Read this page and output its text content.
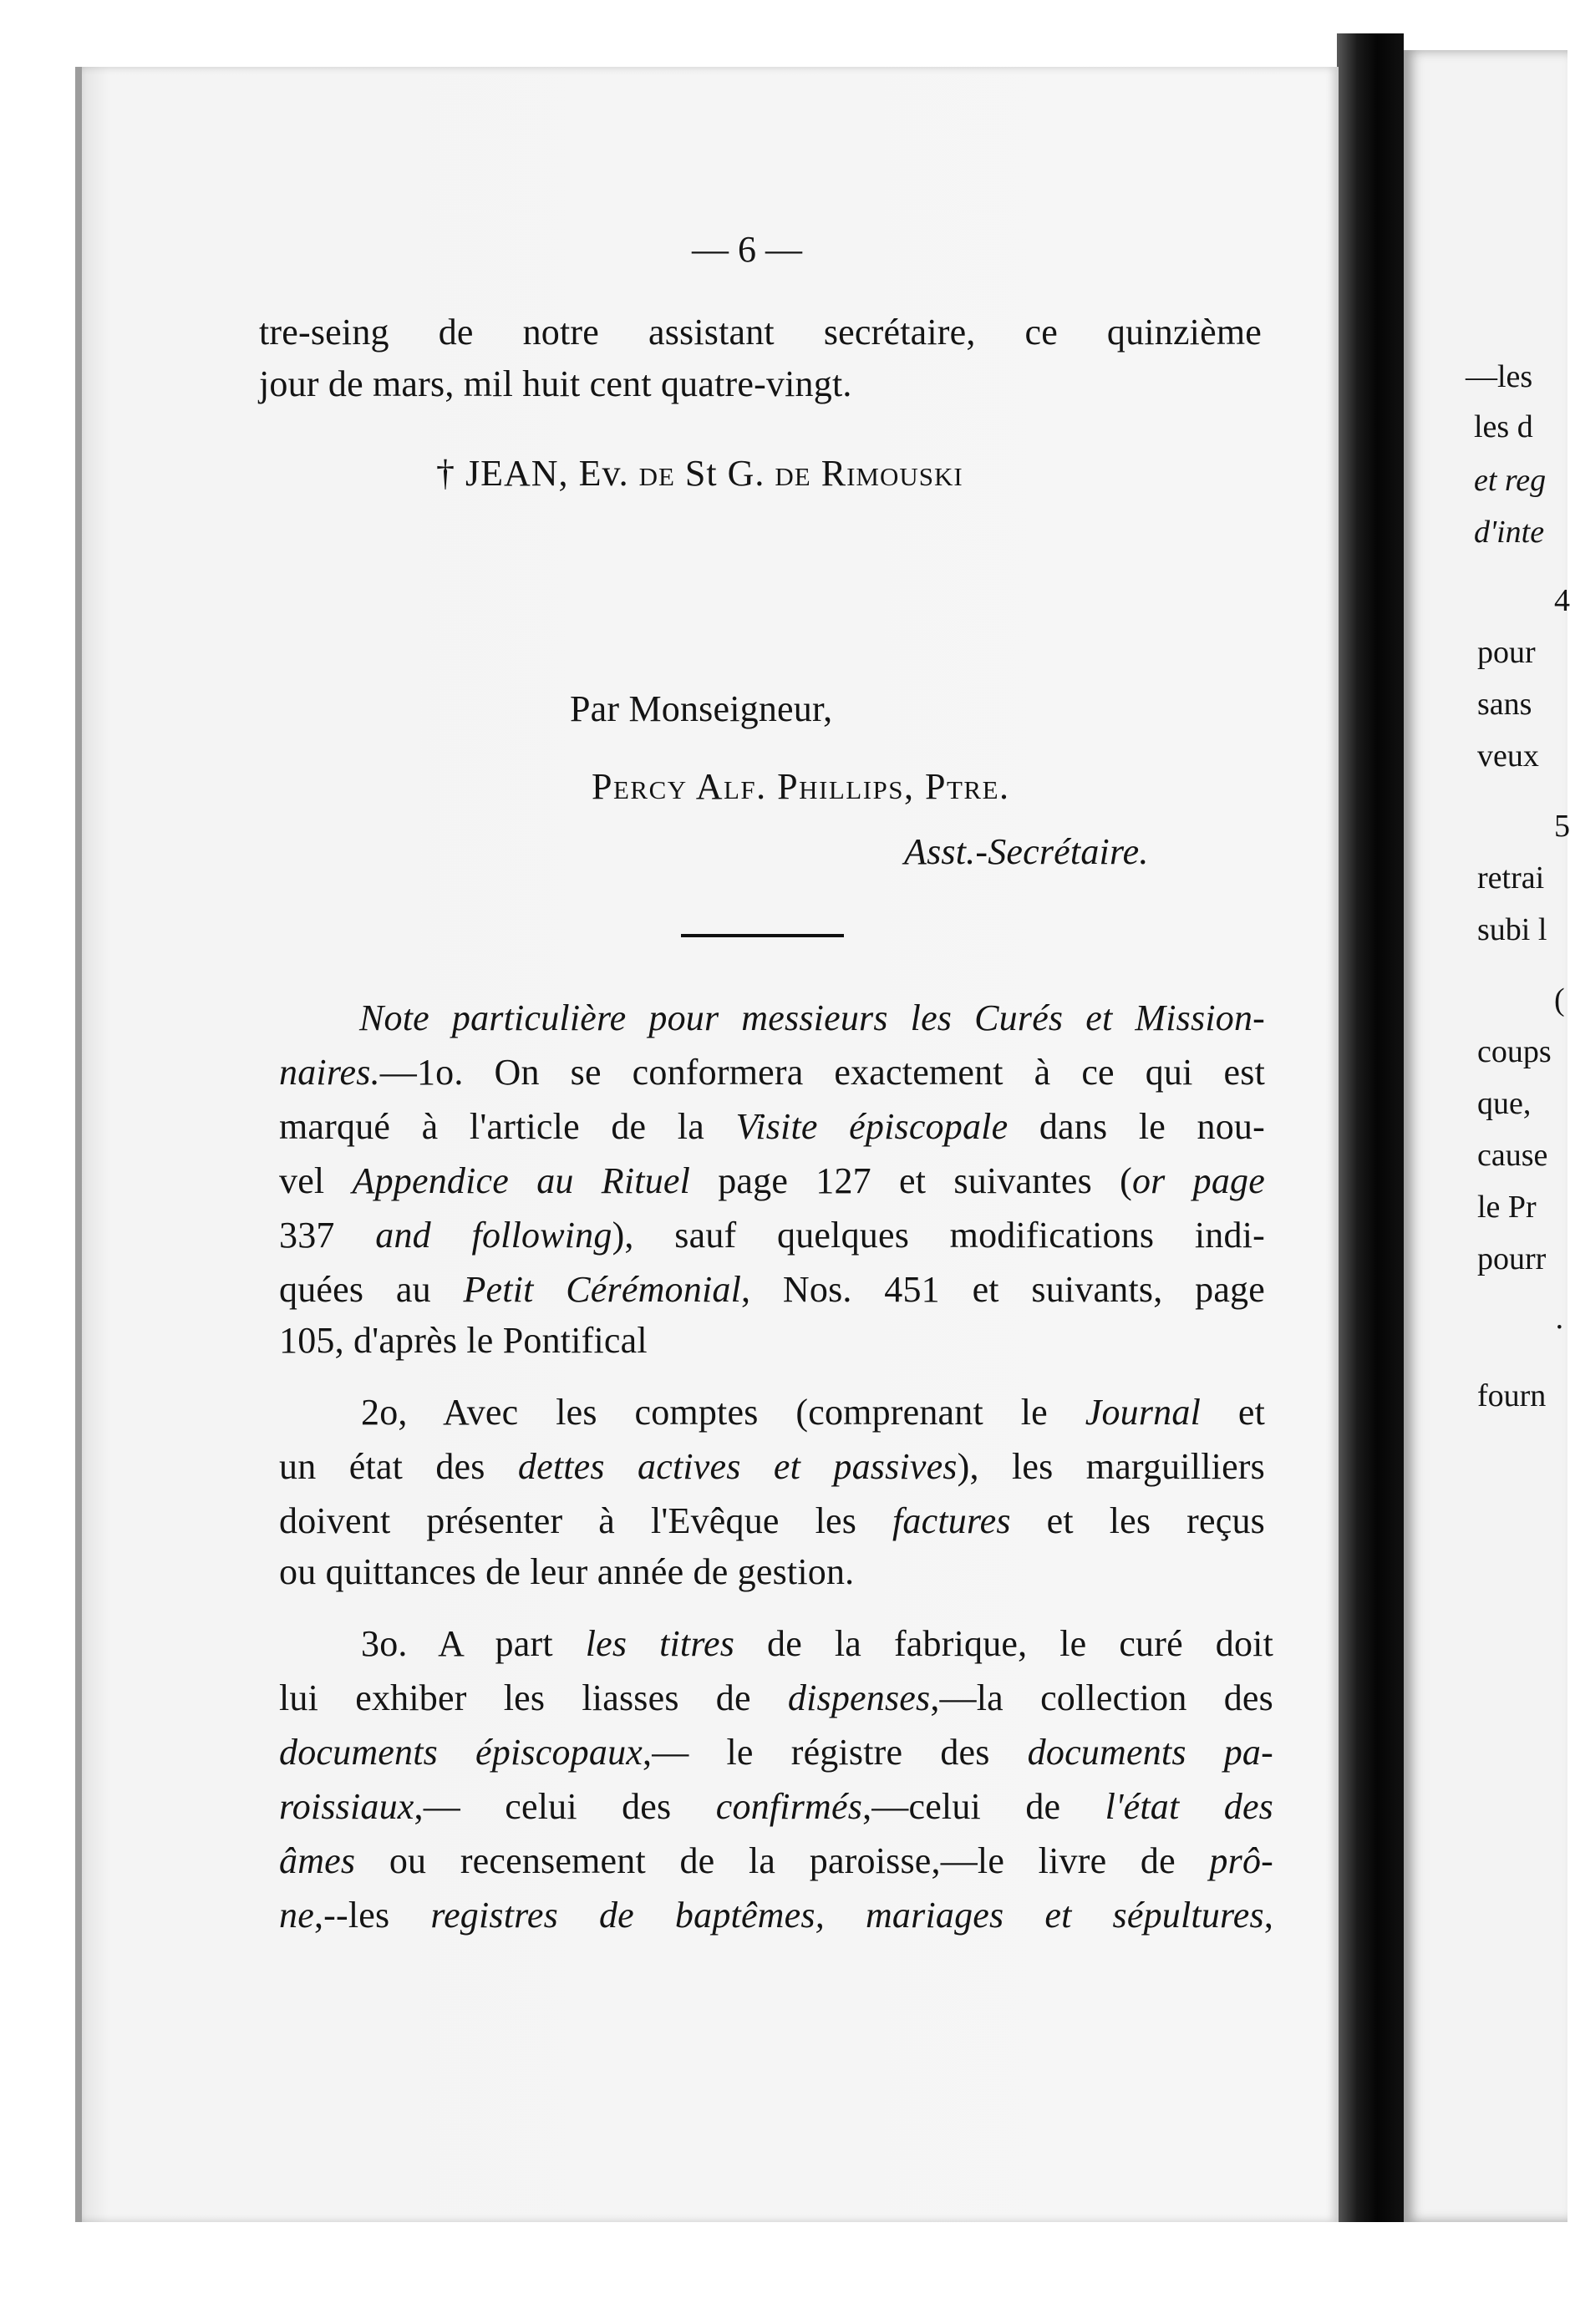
— 6 —
tre-seing de notre assistant secrétaire, ce quinzième
jour de mars, mil huit cent quatre-vingt.
† JEAN, Ev. de St G. de Rimouski
Par Monseigneur,
Percy Alf. Phillips, Ptre.
Asst.-Secrétaire.
Note particulière pour messieurs les Curés et Mission-
naires.—1o. On se conformera exactement à ce qui est
marqué à l'article de la Visite épiscopale dans le nou-
vel Appendice au Rituel page 127 et suivantes (or page
337 and following), sauf quelques modifications indi-
quées au Petit Cérémonial, Nos. 451 et suivants, page
105, d'après le Pontifical
2o, Avec les comptes (comprenant le Journal et
un état des dettes actives et passives), les marguilliers
doivent présenter à l'Evêque les factures et les reçus
ou quittances de leur année de gestion.
3o. A part les titres de la fabrique, le curé doit
lui exhiber les liasses de dispenses,—la collection des
documents épiscopaux,— le régistre des documents pa-
roissiaux,— celui des confirmés,—celui de l'état des
âmes ou recensement de la paroisse,—le livre de prô-
ne,--les registres de baptêmes, mariages et sépultures,
—les
les d
et reg
d'inte
4
pour
sans
veux
5
retrai
subi l
(
coups
que,
cause
le Pr
pourr
·
fourn
